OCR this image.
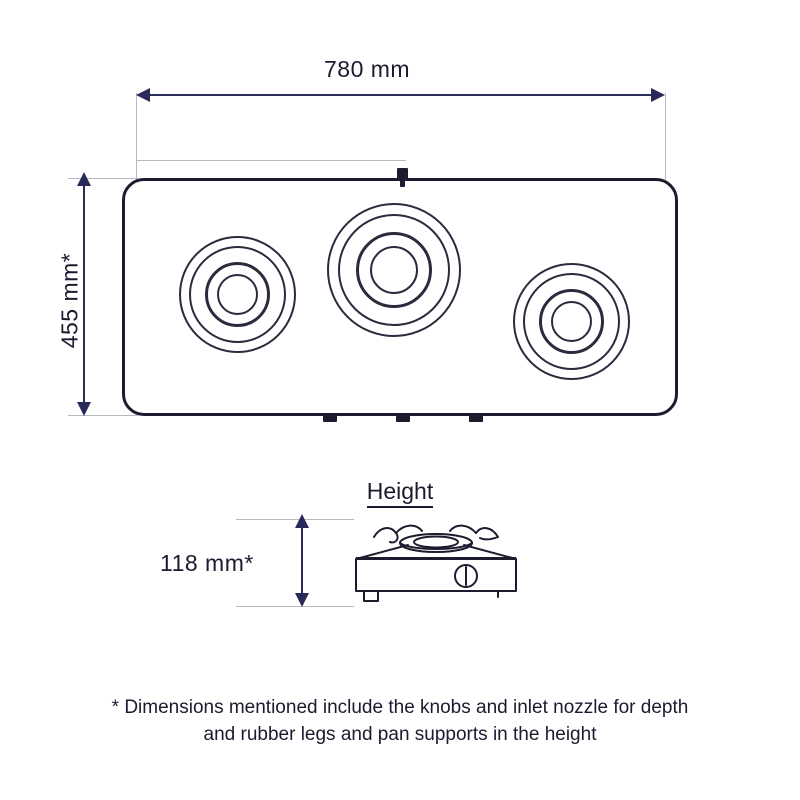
780 mm
455 mm*
Height
118 mm*
* Dimensions mentioned include the knobs and inlet nozzle for depth
and rubber legs and pan supports in the height
